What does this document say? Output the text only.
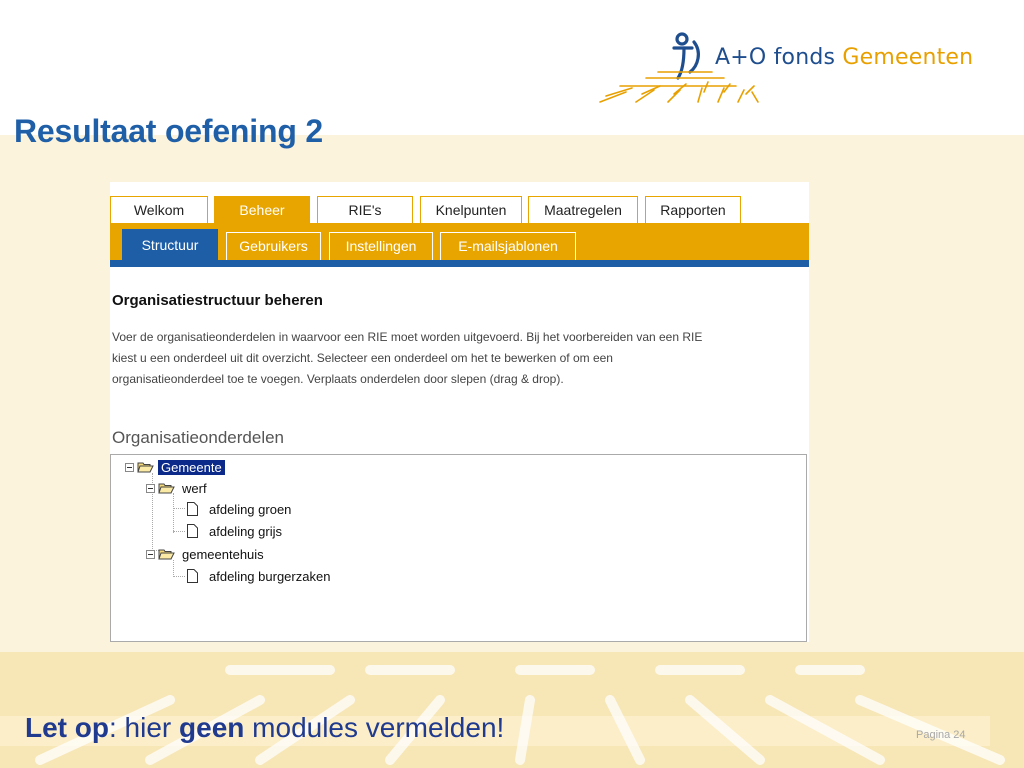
A+O fonds Gemeenten
Resultaat oefening 2
Welkom	Beheer	RIE's	Knelpunten	Maatregelen	Rapporten
Structuur	Gebruikers	Instellingen	E-mailsjablonen
Organisatiestructuur beheren
Voer de organisatieonderdelen in waarvoor een RIE moet worden uitgevoerd. Bij het voorbereiden van een RIE
kiest u een onderdeel uit dit overzicht. Selecteer een onderdeel om het te bewerken of om een
organisatieonderdeel toe te voegen. Verplaats onderdelen door slepen (drag & drop).
Organisatieonderdelen
Gemeente
werf
afdeling groen
afdeling grijs
gemeentehuis
afdeling burgerzaken
Let op: hier geen modules vermelden!	Pagina 24
